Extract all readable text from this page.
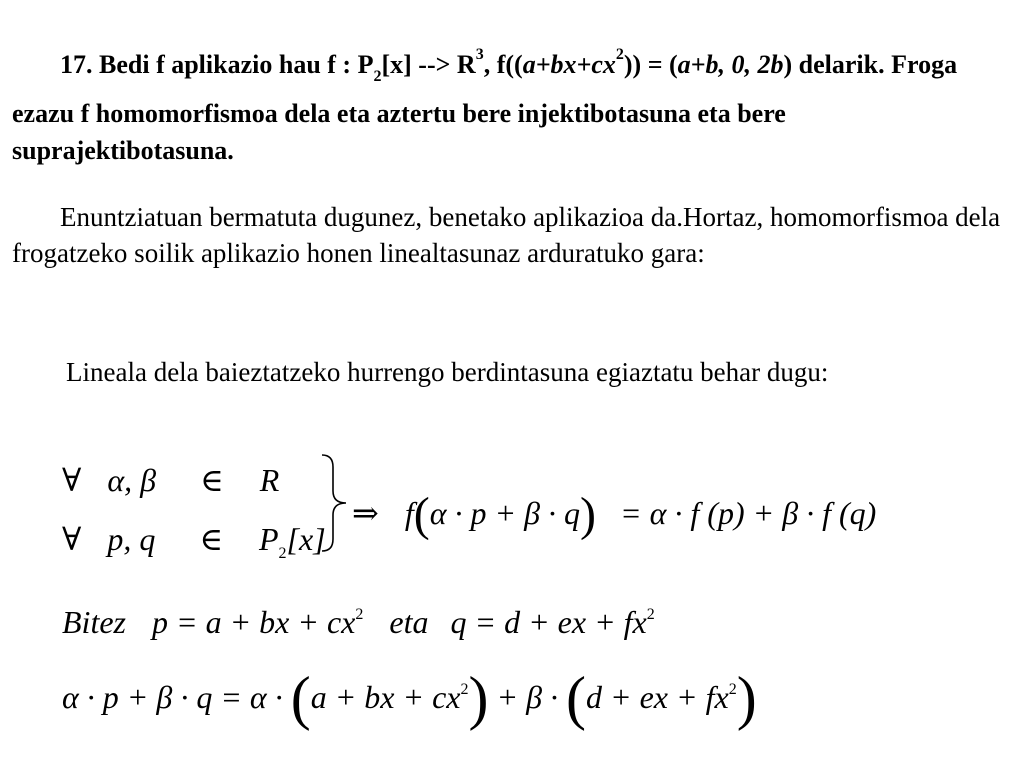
17. Bedi f aplikazio hau f : $P_2[x]$ --> $R^3$, $f((a+bx+cx^2)) = (a+b$, 0, 2b) delarik. Froga ezazu f homomorfismoa dela eta aztertu bere injektibotasuna eta bere suprajektibotasuna.
Enuntziatuan bermatuta dugunez, benetako aplikazioa da.Hortaz, homomorfismoa dela frogatzeko soilik aplikazio honen linealtasunaz arduratuko gara:
Lineala dela baieztatzeko hurrengo berdintasuna egiaztatu behar dugu:
∀ α, β ∈ R
∀ p, q ∈ $P_2[x]$
⇒ f(α · p + β · q) = α · f (p) + β · f (q)
Bitez p = a + bx + $cx^2$ eta q = d + ex + $fx^2$
α · p + β · q = α · (a + bx + $cx^2) + \beta \cdot (d$ + ex + $fx^2$)
